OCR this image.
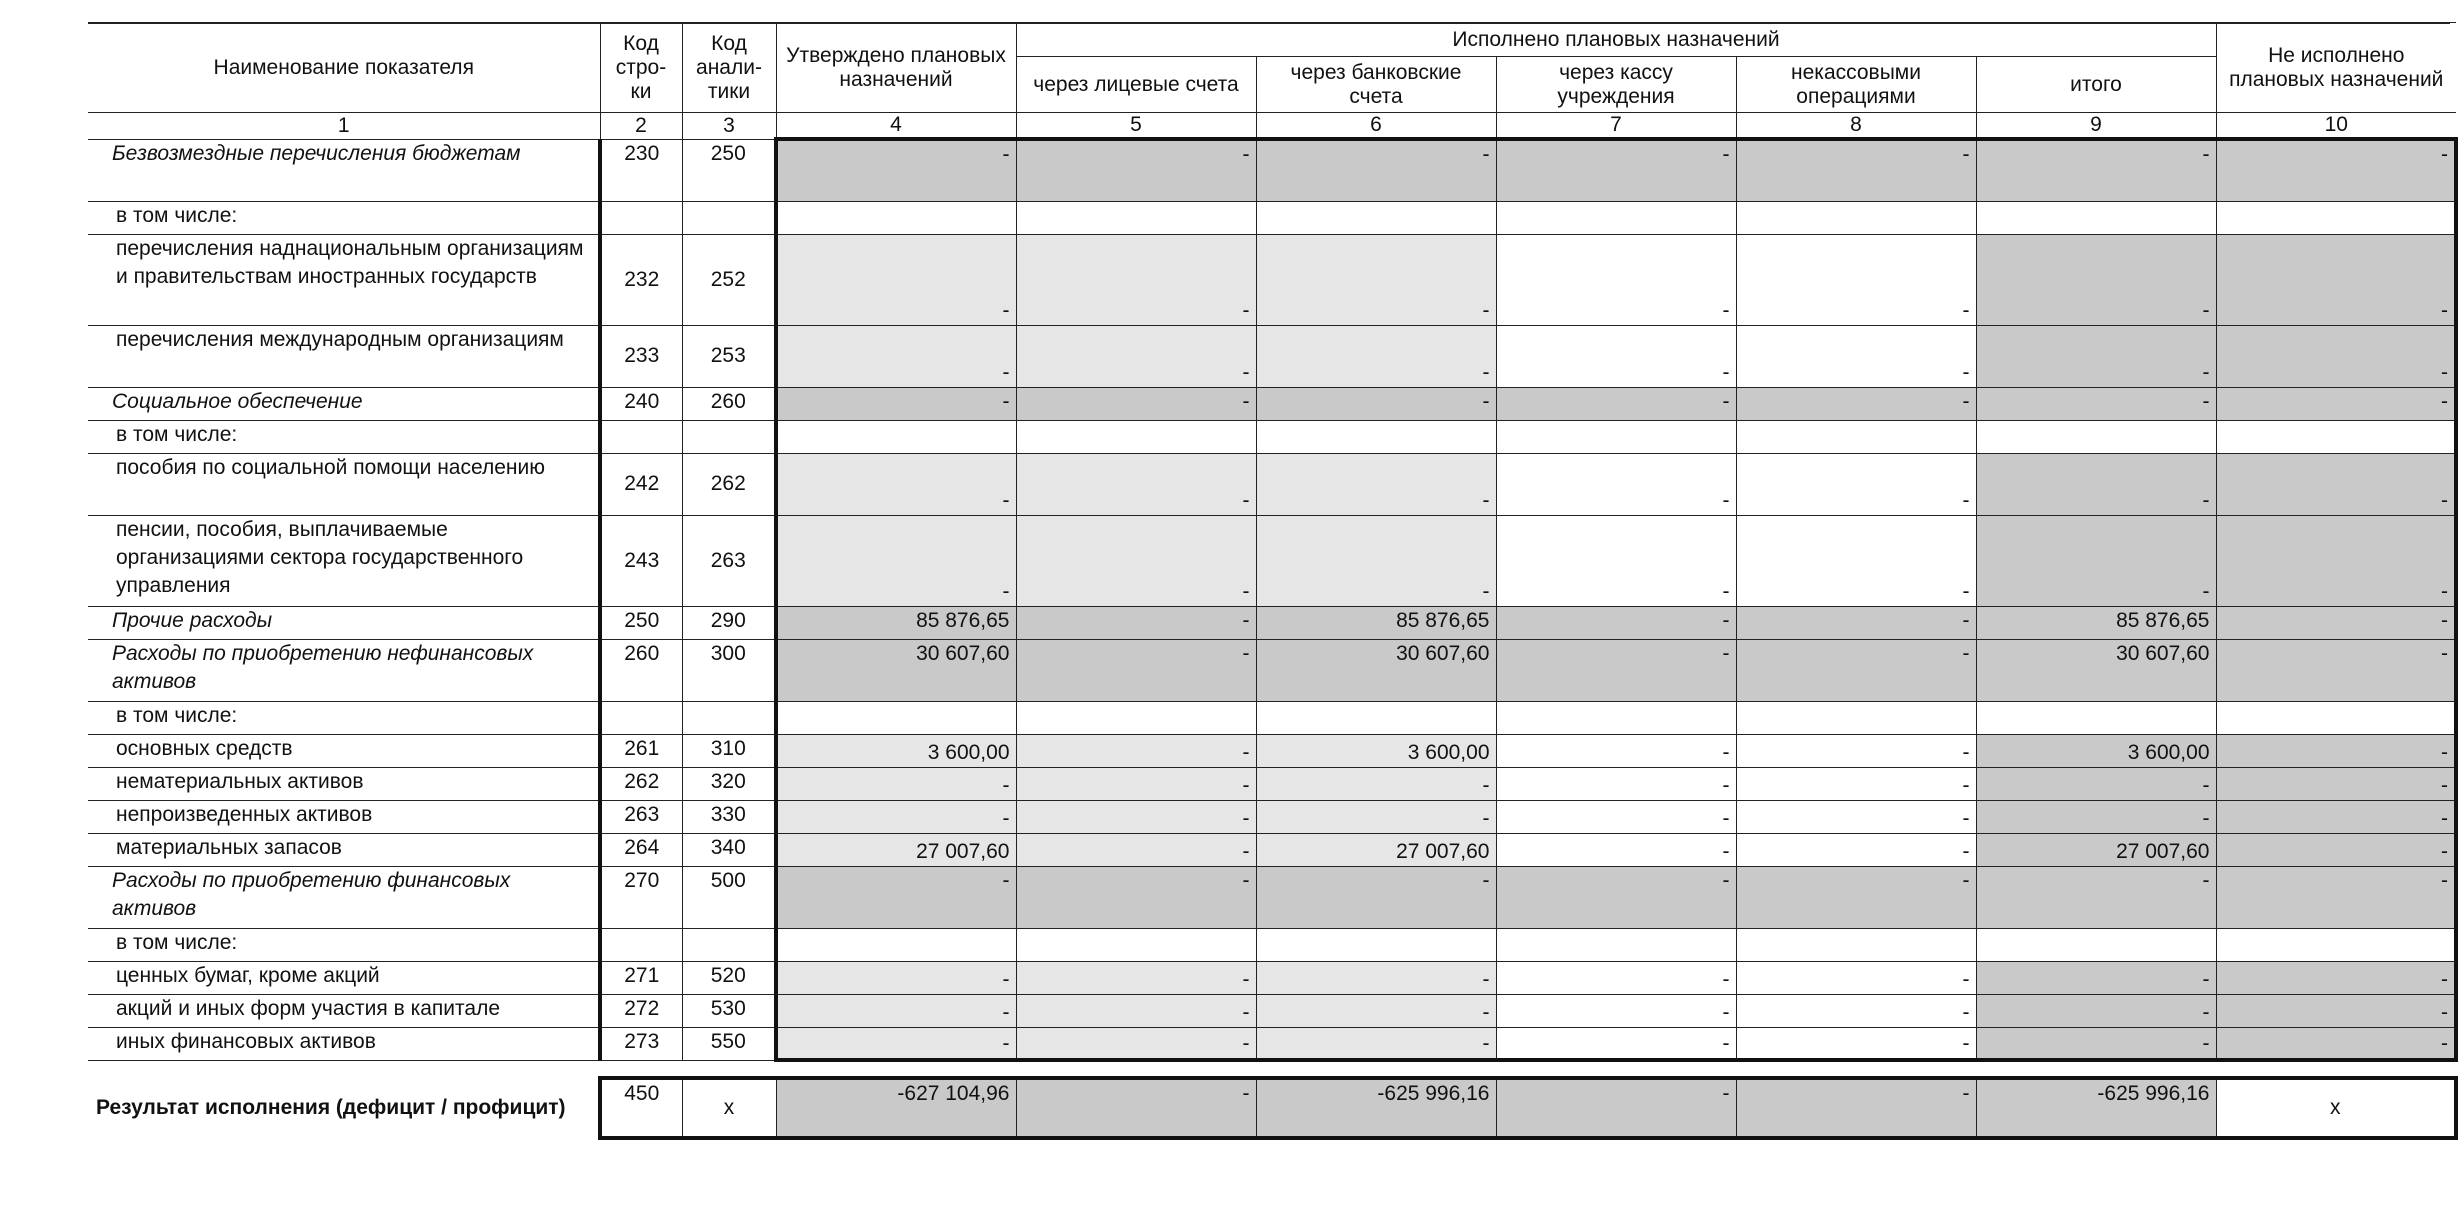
Наименование показателя	Код стро-ки	Код анали-тики	Утверждено плановых назначений	Исполнено плановых назначений					Не исполнено плановых назначений
				через лицевые счета	через банковские счета	через кассу учреждения	некассовыми операциями	итого	
1	2	3	4	5	6	7	8	9	10
Безвозмездные перечисления бюджетам	230	250	-	-	-	-	-	-	-
в том числе:									
перечисления наднациональным организациям и правительствам иностранных государств	232	252	-	-	-	-	-	-	-
перечисления международным организациям	233	253	-	-	-	-	-	-	-
Социальное обеспечение	240	260	-	-	-	-	-	-	-
в том числе:									
пособия по социальной помощи населению	242	262	-	-	-	-	-	-	-
пенсии, пособия, выплачиваемые организациями сектора государственного управления	243	263	-	-	-	-	-	-	-
Прочие расходы	250	290	85 876,65	-	85 876,65	-	-	85 876,65	-
Расходы по приобретению нефинансовых активов	260	300	30 607,60	-	30 607,60	-	-	30 607,60	-
в том числе:									
основных средств	261	310	3 600,00	-	3 600,00	-	-	3 600,00	-
нематериальных активов	262	320	-	-	-	-	-	-	-
непроизведенных активов	263	330	-	-	-	-	-	-	-
материальных запасов	264	340	27 007,60	-	27 007,60	-	-	27 007,60	-
Расходы по приобретению финансовых активов	270	500	-	-	-	-	-	-	-
в том числе:									
ценных бумаг, кроме акций	271	520	-	-	-	-	-	-	-
акций и иных форм участия в капитале	272	530	-	-	-	-	-	-	-
иных финансовых активов	273	550	-	-	-	-	-	-	-

Результат исполнения (дефицит / профицит)	450	x	-627 104,96	-	-625 996,16	-	-	-625 996,16	x
